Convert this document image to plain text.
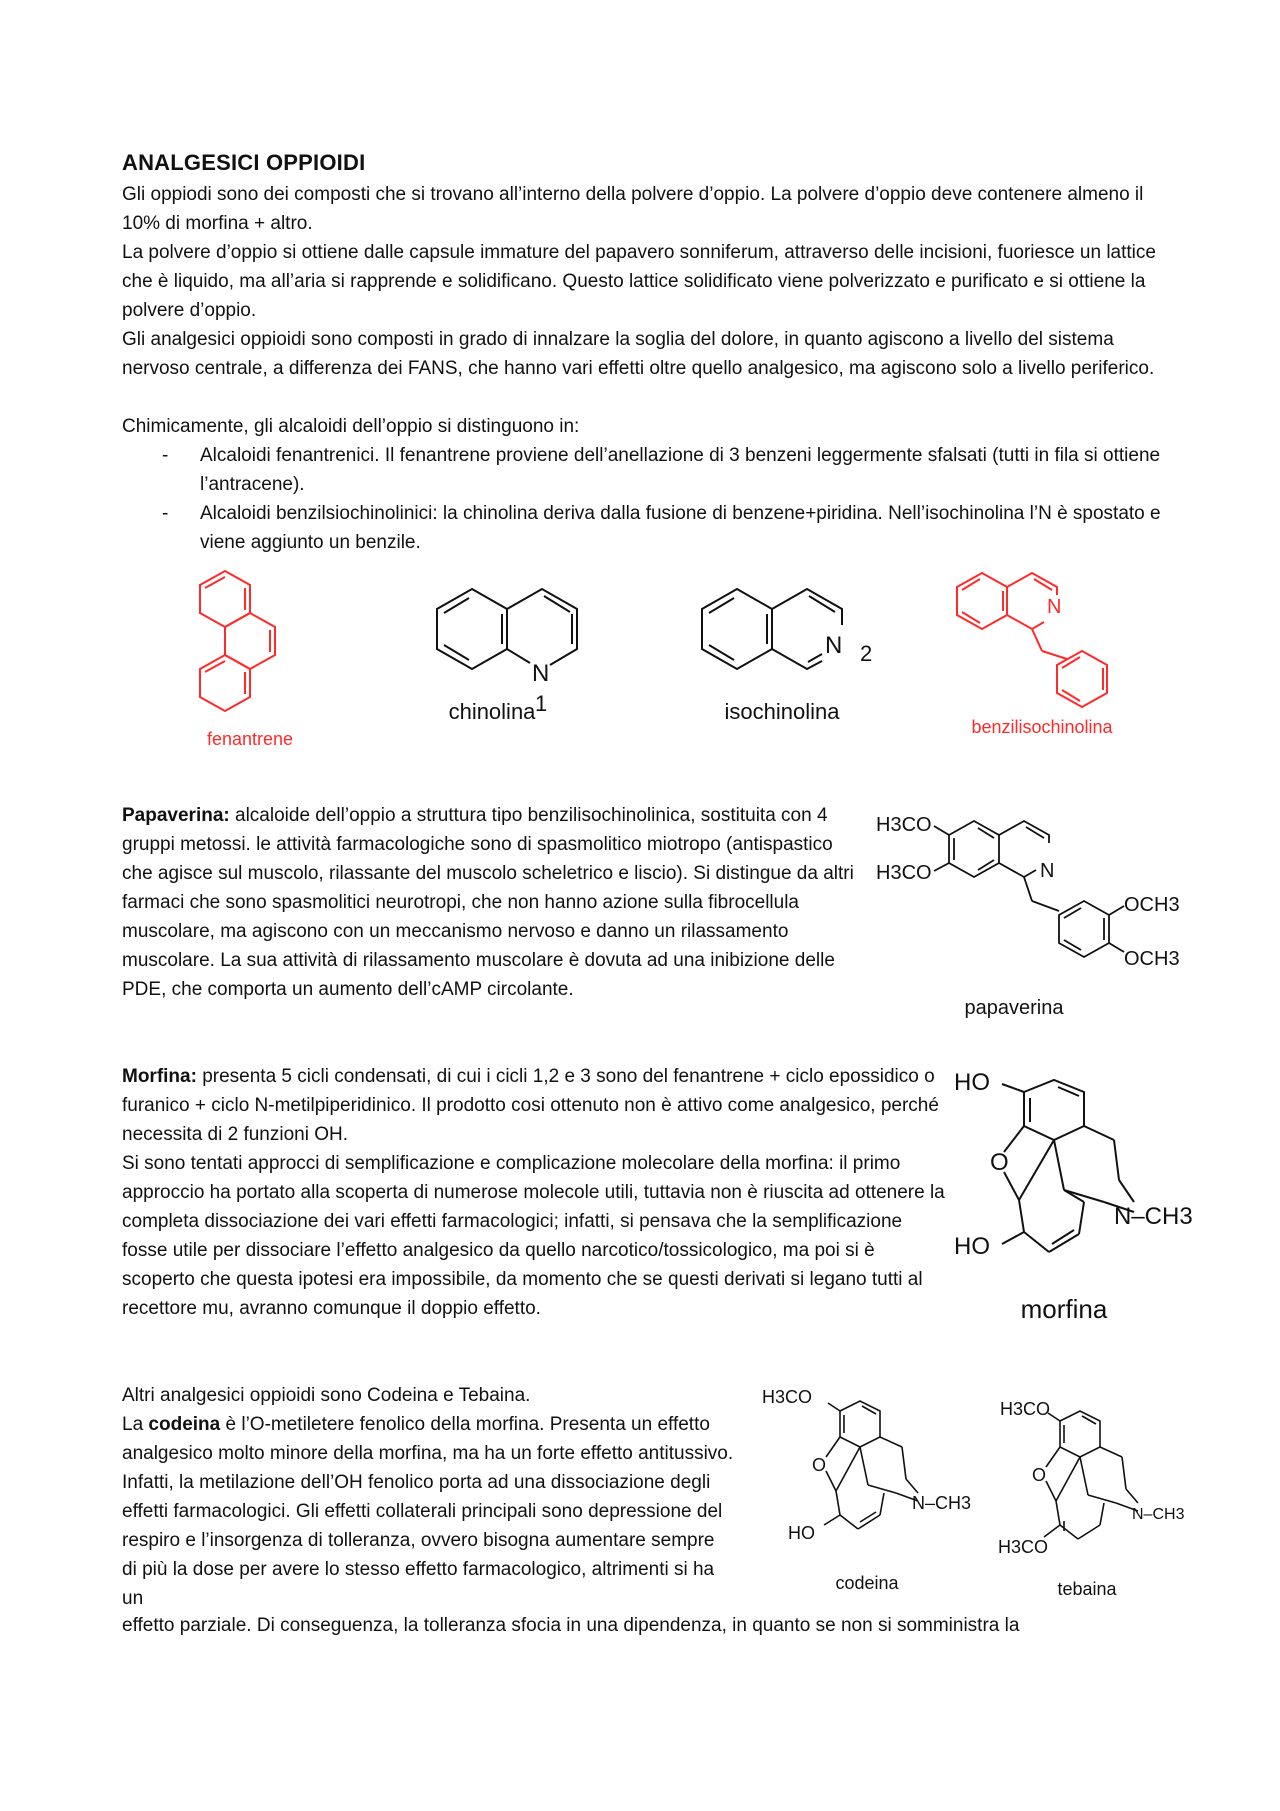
ANALGESICI OPPIOIDI

Gli oppiodi sono dei composti che si trovano all’interno della polvere d’oppio. La polvere d’oppio deve contenere almeno il 10% di morfina + altro.

La polvere d’oppio si ottiene dalle capsule immature del papavero sonniferum, attraverso delle incisioni, fuoriesce un lattice che è liquido, ma all’aria si rapprende e solidificano. Questo lattice solidificato viene polverizzato e purificato e si ottiene la polvere d’oppio.

Gli analgesici oppioidi sono composti in grado di innalzare la soglia del dolore, in quanto agiscono a livello del sistema nervoso centrale, a differenza dei FANS, che hanno vari effetti oltre quello analgesico, ma agiscono solo a livello periferico.

Chimicamente, gli alcaloidi dell’oppio si distinguono in:

- Alcaloidi fenantrenici. Il fenantrene proviene dell’anellazione di 3 benzeni leggermente sfalsati (tutti in fila si ottiene l’antracene).
- Alcaloidi benzilsiochinolinici: la chinolina deriva dalla fusione di benzene+piridina. Nell’isochinolina l’N è spostato e viene aggiunto un benzile.
fenantrene
N
1
chinolina
N 2
isochinolina
N
benzilisochinolina

Papaverina: alcaloide dell’oppio a struttura tipo benzilisochinolinica, sostituita con 4 gruppi metossi. le attività farmacologiche sono di spasmolitico miotropo (antispastico che agisce sul muscolo, rilassante del muscolo scheletrico e liscio). Si distingue da altri farmaci che sono spasmolitici neurotropi, che non hanno azione sulla fibrocellula muscolare, ma agiscono con un meccanismo nervoso e danno un rilassamento muscolare. La sua attività di rilassamento muscolare è dovuta ad una inibizione delle PDE, che comporta un aumento dell’cAMP circolante.

H3CO
H3CO	N
OCH3
OCH3
papaverina

Morfina: presenta 5 cicli condensati, di cui i cicli 1,2 e 3 sono del fenantrene + ciclo epossidico o furanico + ciclo N-metilpiperidinico. Il prodotto cosi ottenuto non è attivo come analgesico, perché necessita di 2 funzioni OH.

Si sono tentati approcci di semplificazione e complicazione molecolare della morfina: il primo approccio ha portato alla scoperta di numerose molecole utili, tuttavia non è riuscita ad ottenere la completa dissociazione dei vari effetti farmacologici; infatti, si pensava che la semplificazione fosse utile per dissociare l’effetto analgesico da quello narcotico/tossicologico, ma poi si è scoperto che questa ipotesi era impossibile, da momento che se questi derivati si legano tutti al recettore mu, avranno comunque il doppio effetto.

HO
O
N–CH3
HO
morfina

Altri analgesici oppioidi sono Codeina e Tebaina.

La codeina è l’O-metiletere fenolico della morfina. Presenta un effetto analgesico molto minore della morfina, ma ha un forte effetto antitussivo. Infatti, la metilazione dell’OH fenolico porta ad una dissociazione degli effetti farmacologici. Gli effetti collaterali principali sono depressione del respiro e l’insorgenza di tolleranza, ovvero bisogna aumentare sempre di più la dose per avere lo stesso effetto farmacologico, altrimenti si ha un

H3CO
O
N–CH3
HO
H3CO
O
N–CH3
H3CO
codeina	tebaina

effetto parziale. Di conseguenza, la tolleranza sfocia in una dipendenza, in quanto se non si somministra la
